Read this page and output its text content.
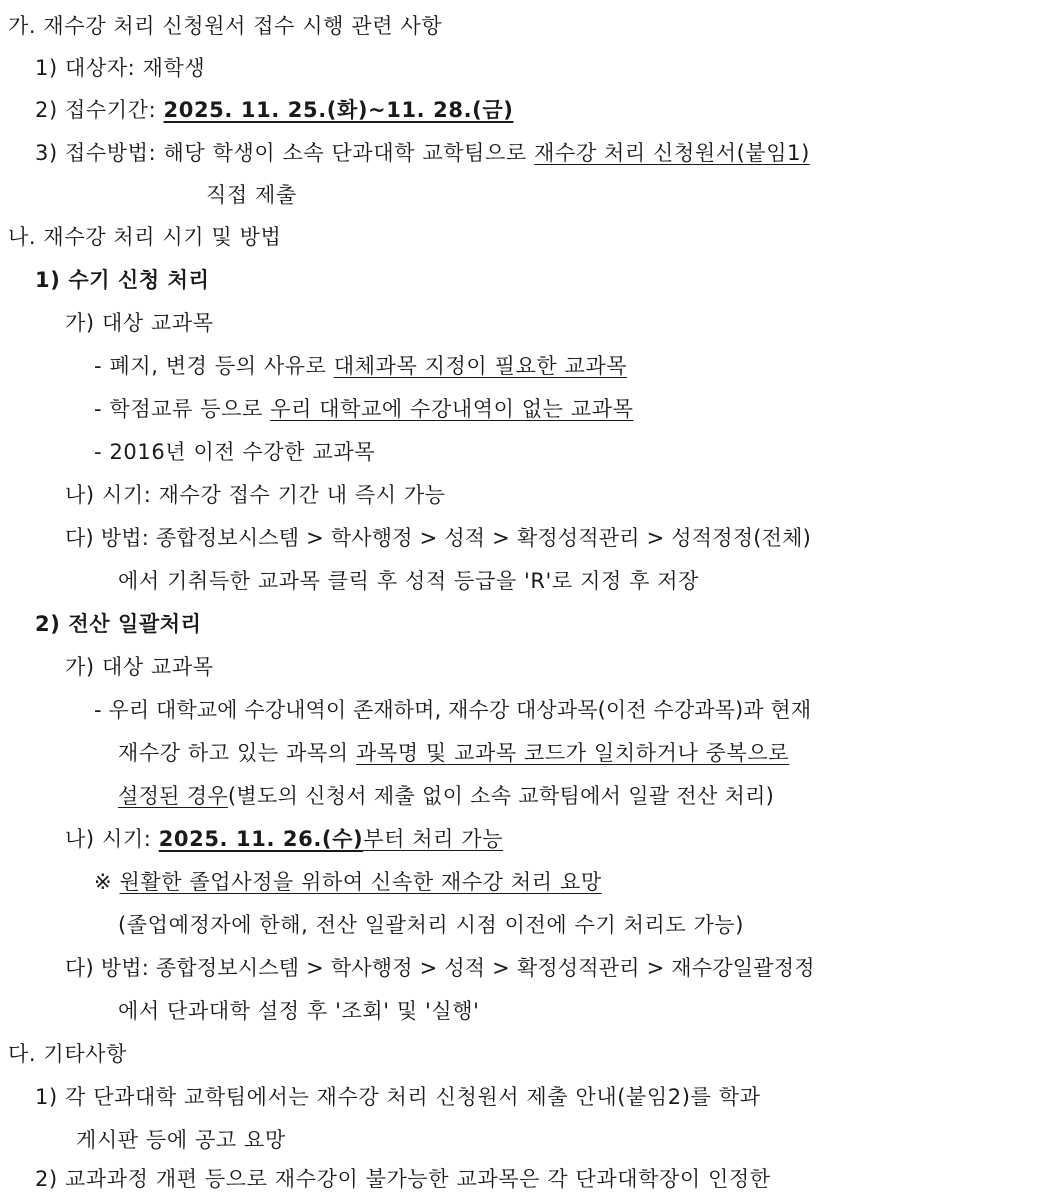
가. 재수강 처리 신청원서 접수 시행 관련 사항
1) 대상자: 재학생
2) 접수기간: 2025. 11. 25.(화)~11. 28.(금)
3) 접수방법: 해당 학생이 소속 단과대학 교학팀으로 재수강 처리 신청원서(붙임1)
직접 제출
나. 재수강 처리 시기 및 방법
1) 수기 신청 처리
가) 대상 교과목
- 폐지, 변경 등의 사유로 대체과목 지정이 필요한 교과목
- 학점교류 등으로 우리 대학교에 수강내역이 없는 교과목
- 2016년 이전 수강한 교과목
나) 시기: 재수강 접수 기간 내 즉시 가능
다) 방법: 종합정보시스템 > 학사행정 > 성적 > 확정성적관리 > 성적정정(전체)
에서 기취득한 교과목 클릭 후 성적 등급을 'R'로 지정 후 저장
2) 전산 일괄처리
가) 대상 교과목
- 우리 대학교에 수강내역이 존재하며, 재수강 대상과목(이전 수강과목)과 현재
재수강 하고 있는 과목의 과목명 및 교과목 코드가 일치하거나 중복으로
설정된 경우(별도의 신청서 제출 없이 소속 교학팀에서 일괄 전산 처리)
나) 시기: 2025. 11. 26.(수)부터 처리 가능
※ 원활한 졸업사정을 위하여 신속한 재수강 처리 요망
(졸업예정자에 한해, 전산 일괄처리 시점 이전에 수기 처리도 가능)
다) 방법: 종합정보시스템 > 학사행정 > 성적 > 확정성적관리 > 재수강일괄정정
에서 단과대학 설정 후 '조회' 및 '실행'
다. 기타사항
1) 각 단과대학 교학팀에서는 재수강 처리 신청원서 제출 안내(붙임2)를 학과
게시판 등에 공고 요망
2) 교과과정 개편 등으로 재수강이 불가능한 교과목은 각 단과대학장이 인정한
